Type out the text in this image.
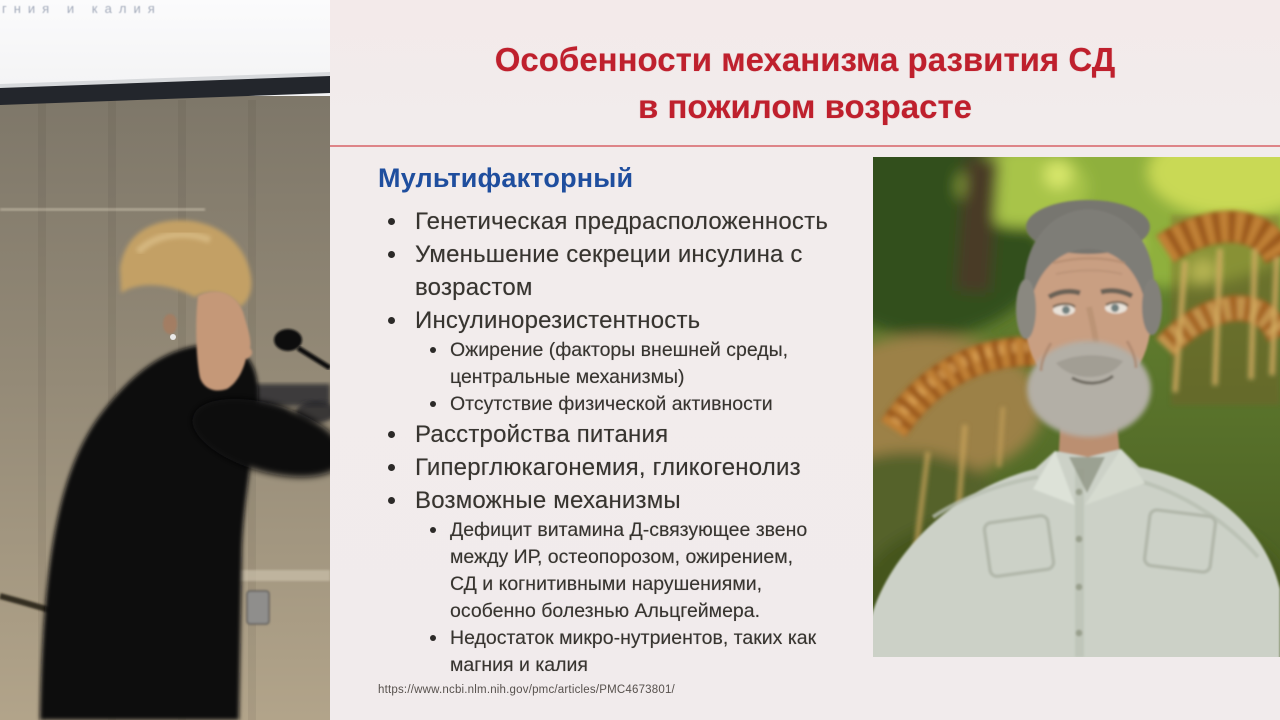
гния и калия
Особенности механизма развития СД
в пожилом возрасте
Мультифакторный
Генетическая предрасположенность
Уменьшение секреции инсулина с возрастом
Инсулинорезистентность
Ожирение (факторы внешней среды, центральные механизмы)
Отсутствие физической активности
Расстройства питания
Гиперглюкагонемия, гликогенолиз
Возможные механизмы
Дефицит витамина Д-связующее звено между ИР, остеопорозом, ожирением, СД и когнитивными нарушениями, особенно болезнью Альцгеймера.
Недостаток микро-нутриентов, таких как магния и калия
https://www.ncbi.nlm.nih.gov/pmc/articles/PMC4673801/
